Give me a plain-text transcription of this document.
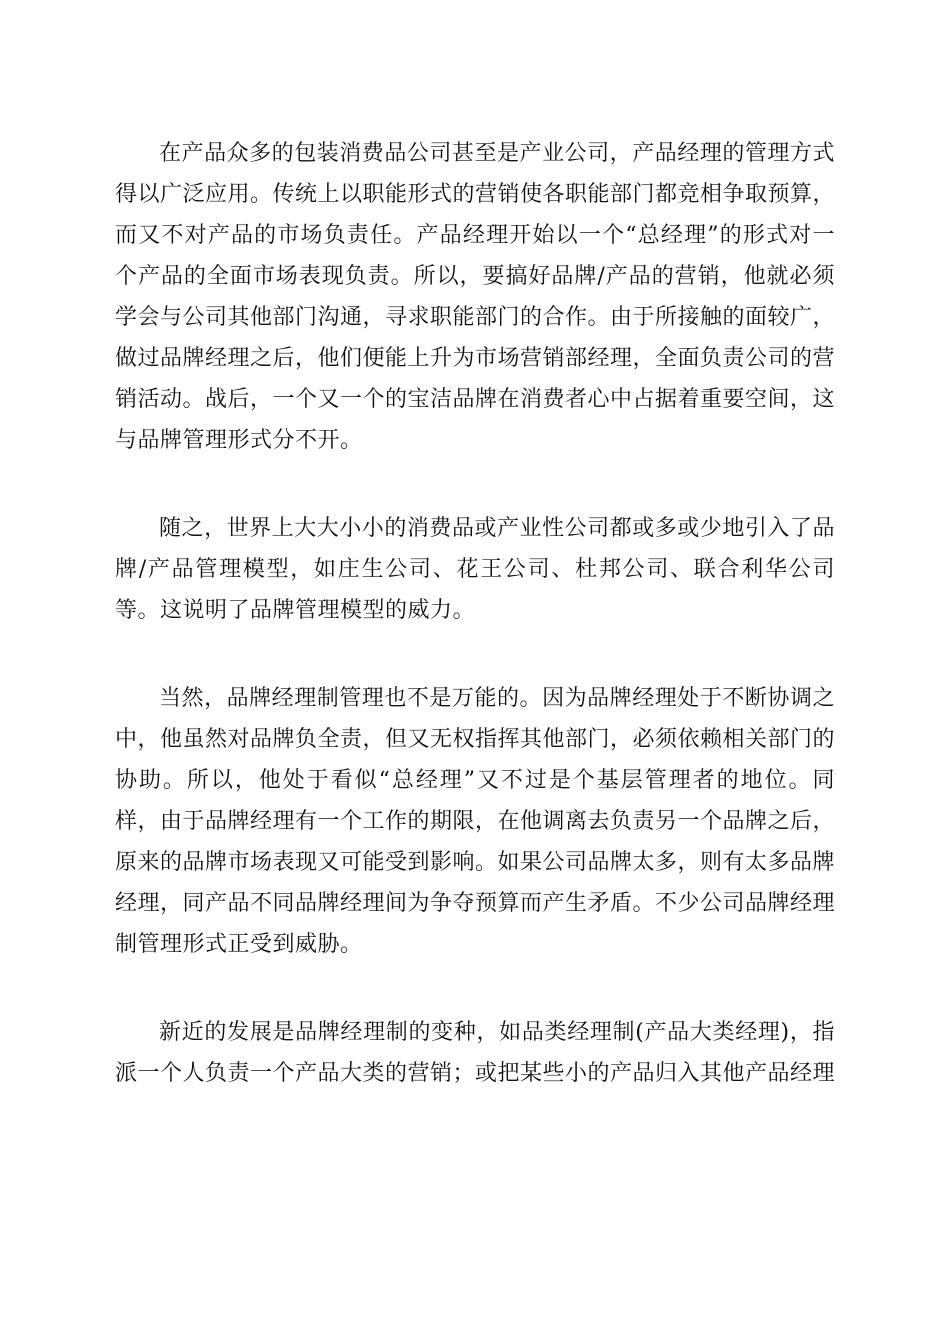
在产品众多的包装消费品公司甚至是产业公司，产品经理的管理方式得以广泛应用。传统上以职能形式的营销使各职能部门都竞相争取预算，而又不对产品的市场负责任。产品经理开始以一个“总经理”的形式对一个产品的全面市场表现负责。所以，要搞好品牌/产品的营销，他就必须学会与公司其他部门沟通，寻求职能部门的合作。由于所接触的面较广，做过品牌经理之后，他们便能上升为市场营销部经理，全面负责公司的营销活动。战后，一个又一个的宝洁品牌在消费者心中占据着重要空间，这与品牌管理形式分不开。

随之，世界上大大小小的消费品或产业性公司都或多或少地引入了品牌/产品管理模型，如庄生公司、花王公司、杜邦公司、联合利华公司等。这说明了品牌管理模型的威力。

当然，品牌经理制管理也不是万能的。因为品牌经理处于不断协调之中，他虽然对品牌负全责，但又无权指挥其他部门，必须依赖相关部门的协助。所以，他处于看似“总经理”又不过是个基层管理者的地位。同样，由于品牌经理有一个工作的期限，在他调离去负责另一个品牌之后，原来的品牌市场表现又可能受到影响。如果公司品牌太多，则有太多品牌经理，同产品不同品牌经理间为争夺预算而产生矛盾。不少公司品牌经理制管理形式正受到威胁。

新近的发展是品牌经理制的变种，如品类经理制(产品大类经理)，指派一个人负责一个产品大类的营销；或把某些小的产品归入其他产品经理
